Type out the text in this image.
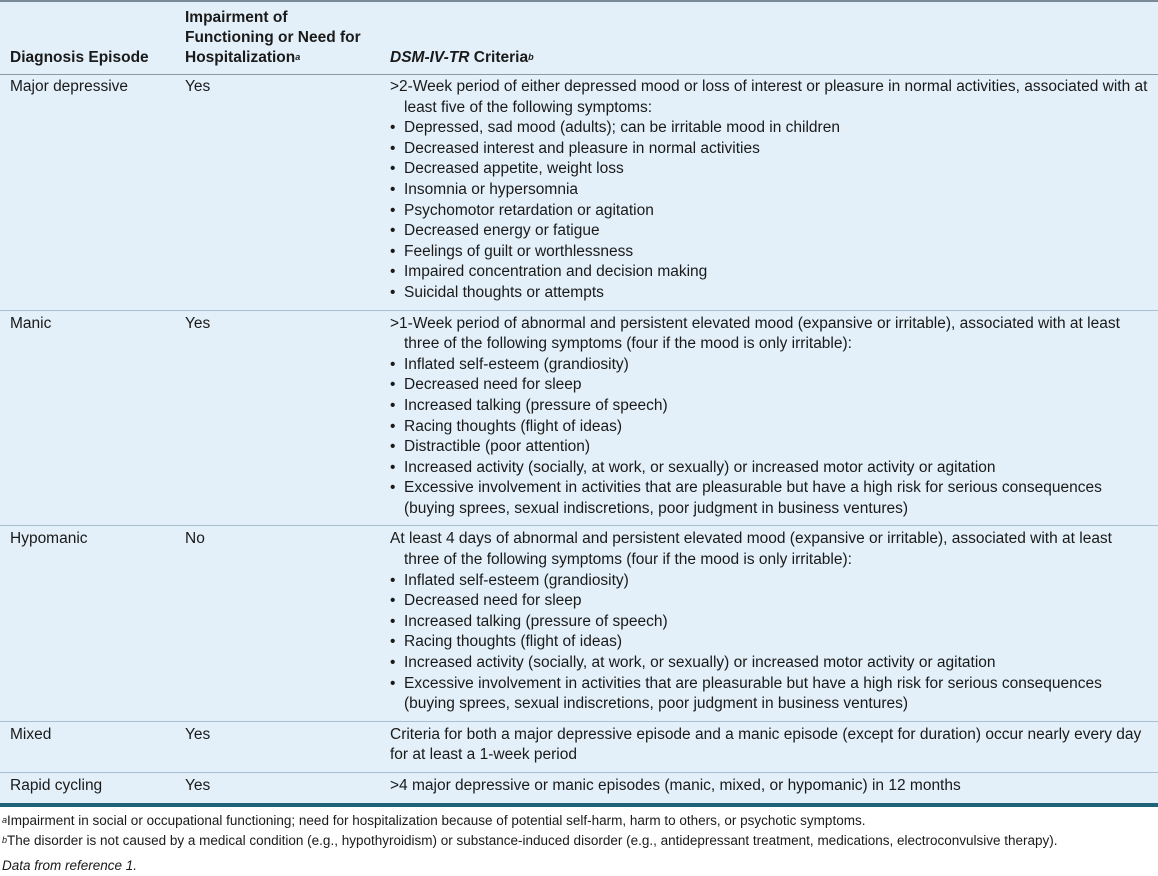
Diagnosis Episode	Impairment of Functioning or Need for Hospitalization$^a$	DSM-IV-TR Criteria$^b$
Major depressive	Yes	>2-Week period of either depressed mood or loss of interest or pleasure in normal activities, associated with at least five of the following symptoms:
• Depressed, sad mood (adults); can be irritable mood in children
• Decreased interest and pleasure in normal activities
• Decreased appetite, weight loss
• Insomnia or hypersomnia
• Psychomotor retardation or agitation
• Decreased energy or fatigue
• Feelings of guilt or worthlessness
• Impaired concentration and decision making
• Suicidal thoughts or attempts

Manic	Yes	>1-Week period of abnormal and persistent elevated mood (expansive or irritable), associated with at least three of the following symptoms (four if the mood is only irritable):
• Inflated self-esteem (grandiosity)
• Decreased need for sleep
• Increased talking (pressure of speech)
• Racing thoughts (flight of ideas)
• Distractible (poor attention)
• Increased activity (socially, at work, or sexually) or increased motor activity or agitation
• Excessive involvement in activities that are pleasurable but have a high risk for serious consequences (buying sprees, sexual indiscretions, poor judgment in business ventures)

Hypomanic	No	At least 4 days of abnormal and persistent elevated mood (expansive or irritable), associated with at least three of the following symptoms (four if the mood is only irritable):
• Inflated self-esteem (grandiosity)
• Decreased need for sleep
• Increased talking (pressure of speech)
• Racing thoughts (flight of ideas)
• Increased activity (socially, at work, or sexually) or increased motor activity or agitation
• Excessive involvement in activities that are pleasurable but have a high risk for serious consequences (buying sprees, sexual indiscretions, poor judgment in business ventures)

Mixed	Yes	Criteria for both a major depressive episode and a manic episode (except for duration) occur nearly every day for at least a 1-week period

Rapid cycling	Yes	>4 major depressive or manic episodes (manic, mixed, or hypomanic) in 12 months

$^a$Impairment in social or occupational functioning; need for hospitalization because of potential self-harm, harm to others, or psychotic symptoms.

$^b$The disorder is not caused by a medical condition (e.g., hypothyroidism) or substance-induced disorder (e.g., antidepressant treatment, medications, electroconvulsive therapy).

Data from reference 1.
